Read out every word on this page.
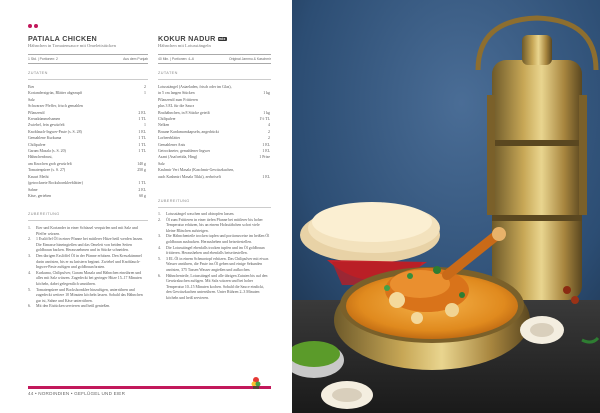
PATIALA CHICKEN
Hähnchen in Tomatensauce mit Omelettstücken
1 Std. | Portionen: 2	Aus dem Punjab
ZUTATEN
Eier	2
Korianderstgrün, Blätter abgezupft	1
Salz
Schwarzer Pfeffer, frisch gemahlen
Pflanzenöl	2 EL
Kreuzkümmelsamen	1 TL
Zwiebel, fein gewürfelt	1
Knoblauch-Ingwer-Paste (s. S. 28)	1 EL
Gemahlene Kurkuma	1 TL
Chilipulver	1 TL
Garam Masala (s. S. 20)	1 TL
Hähnchenbrust,
am Knochen grob gewürfelt	140 g
Tomatenpüree (s. S. 27)	250 g
Kasuri Methi
(getrocknete Bockshornkleeblätter)	1 TL
Sahne	2 EL
Käse, gerieben	60 g
ZUBEREITUNG
1.	Eier und Koriander in einer Schüssel verquirlen und mit Salz und Pfeffer würzen.
2.	1 Esslöffel Öl in einer Pfanne bei mittlerer Hitze heiß werden lassen. Die Eimasse hineingießen und das Omelett von beiden Seiten goldbraun backen. Herausnehmen und in Stücke schneiden.
3.	Den übrigen Esslöffel Öl in der Pfanne erhitzen. Den Kreuzkümmel darin anrösten, bis er zu knistern beginnt. Zwiebel und Knoblauch-Ingwer-Paste zufügen und goldbraun braten.
4.	Kurkuma, Chilipulver, Garam Masala und Hähnchen einrühren und alles mit Salz würzen. Zugedeckt bei geringer Hitze 15–17 Minuten köcheln, dabei gelegentlich umrühren.
5.	Tomatenpüree und Bockshornklee hinzufügen, unterrühren und zugedeckt weitere 10 Minuten köcheln lassen. Sobald das Hähnchen gar ist, Sahne und Käse unterrühren.
6.	Mit den Eistücken servieren und heiß genießen.
KOKUR NADUR mix
Hähnchen mit Lotusstängeln
40 Min. | Portionen: 4–6	Original Jammu & Kaschmir
ZUTATEN
Lotusstängel (Asiaeladen, frisch oder im Glas),
in 5 cm langen Stücken	1 kg
Pflanzenöl zum Frittieren
plus 3 EL für die Sauce
Brathähnchen, in 8 Stücke geteilt	1 kg
Chilipulver	1½ TL
Nelken	4
Braune Kardamomkapseln, angedrückt	2
Lorbeerblätter	2
Gemahlener Anis	1 EL
Getrockneter, gemahlener Ingwer	1 EL
Asant (Asafoetida, Hing)	1 Prise
Salz
Kashmir Veri Masala (Kaschmir-Gewürzkuchen,
auch Kashmiri Masala Tikki), zerbröselt	1 EL
ZUBEREITUNG
1.	Lotusstängel waschen und abtropfen lassen.
2.	Öl zum Frittieren in einer tiefen Pfanne bei mittlerer bis hoher Temperatur erhitzen, bis an einem Holzstäbchen sofort viele kleine Bläschen aufsteigen.
3.	Die Hähnchenteile trocken tupfen und portionsweise im heißen Öl goldbraun ausbacken. Herausheben und beiseitestellen.
4.	Die Lotusstängel ebenfalls trocken tupfen und im Öl goldbraun frittieren. Herausheben und ebenfalls beiseitestellen.
5.	3 EL Öl in einem Schmortopf erhitzen. Das Chilipulver mit etwas Wasser anrühren, die Paste ins Öl geben und einige Sekunden anrösten, 375 Tassen Wasser angießen und aufkochen.
6.	Hähnchenteile, Lotusstängel und alle übrigen Zutaten bis auf den Gewürzkuchen zufügen. Mit Salz würzen und bei hoher Temperatur 10–15 Minuten kochen. Sobald die Sauce eindickt, den Gewürzkuchen unterrühren. Unter Rühren 2–3 Minuten köcheln und heiß servieren.
44 • NORDINDIEN • GEFLÜGEL UND EIER
